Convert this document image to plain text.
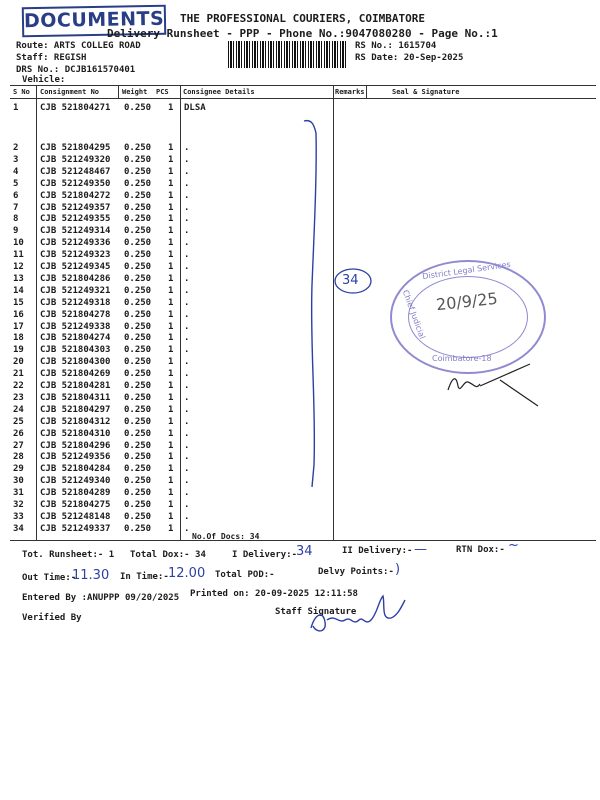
DOCUMENTS THE PROFESSIONAL COURIERS, COIMBATORE
Delivery Runsheet - PPP - Phone No.:9047080280 - Page No.:1
Route: ARTS COLLEG ROAD
Staff: REGISH
DRS No.: DCJB161570401
Vehicle:
RS No.: 1615704
RS Date: 20-Sep-2025
S No Consignment No	Weight PCS Consignee Details	Remarks	Seal & Signature
1 CJB 521804271 0.250 1 DLSA
2 CJB 521804295 0.250 1 .
3 CJB 521249320 0.250 1 .
4 CJB 521248467 0.250 1 .
5 CJB 521249350 0.250 1 .
6 CJB 521804272 0.250 1 .
7 CJB 521249357 0.250 1 .
8 CJB 521249355 0.250 1 .
9 CJB 521249314 0.250 1 .
10 CJB 521249336 0.250 1 .
11 CJB 521249323 0.250 1 .
12 CJB 521249345 0.250 1 .
13 CJB 521804286 0.250 1 .
14 CJB 521249321 0.250 1 .
15 CJB 521249318 0.250 1 .
16 CJB 521804278 0.250 1 .
17 CJB 521249338 0.250 1 .
18 CJB 521804274 0.250 1 .
19 CJB 521804303 0.250 1 .
20 CJB 521804300 0.250 1 .
21 CJB 521804269 0.250 1 .
22 CJB 521804281 0.250 1 .
23 CJB 521804311 0.250 1 .
24 CJB 521804297 0.250 1 .
25 CJB 521804312 0.250 1 .
26 CJB 521804310 0.250 1 .
27 CJB 521804296 0.250 1 .
28 CJB 521249356 0.250 1 .
29 CJB 521804284 0.250 1 .
30 CJB 521249340 0.250 1 .
31 CJB 521804289 0.250 1 .
32 CJB 521804275 0.250 1 .
33 CJB 521248148 0.250 1 .
34 CJB 521249337 0.250 1 .
No.Of Docs: 34
34	District Legal Services
Chief Judicial
Coimbatore-18
20/9/25
Tot. Runsheet:- 1 Total Dox:- 34	I Delivery:-
34	II Delivery:- —	RTN Dox:- ~
Out Time:-
11.30 In Time:- 12.00 Total POD:-	Delvy Points:- )
Entered By :ANUPPP 09/20/2025 Printed on: 20-09-2025 12:11:58
Verified By
Staff Signature
